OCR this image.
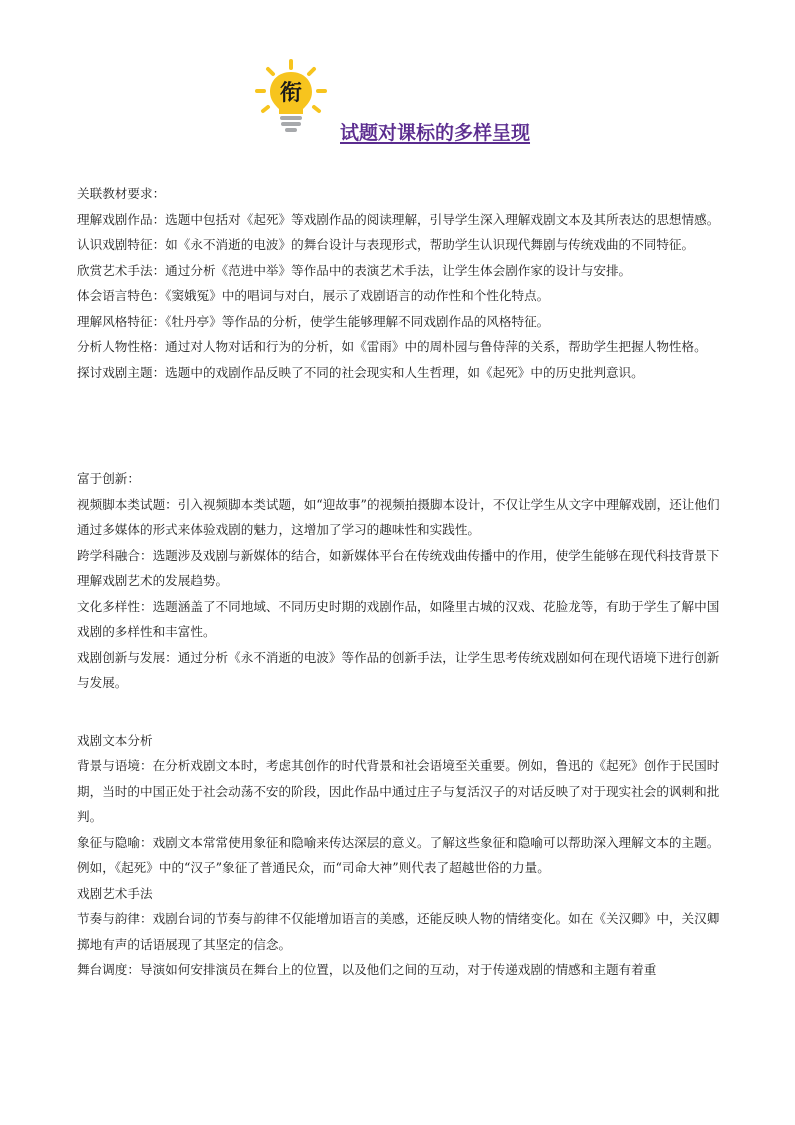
衔
试题对课标的多样呈现

关联教材要求：

理解戏剧作品：选题中包括对《起死》等戏剧作品的阅读理解，引导学生深入理解戏剧文本及其所表达的思想情感。

认识戏剧特征：如《永不消逝的电波》的舞台设计与表现形式，帮助学生认识现代舞剧与传统戏曲的不同特征。

欣赏艺术手法：通过分析《范进中举》等作品中的表演艺术手法，让学生体会剧作家的设计与安排。

体会语言特色：《窦娥冤》中的唱词与对白，展示了戏剧语言的动作性和个性化特点。

理解风格特征：《牡丹亭》等作品的分析，使学生能够理解不同戏剧作品的风格特征。

分析人物性格：通过对人物对话和行为的分析，如《雷雨》中的周朴园与鲁侍萍的关系，帮助学生把握人物性格。

探讨戏剧主题：选题中的戏剧作品反映了不同的社会现实和人生哲理，如《起死》中的历史批判意识。

富于创新：

视频脚本类试题：引入视频脚本类试题，如“迎故事”的视频拍摄脚本设计，不仅让学生从文字中理解戏剧，还让他们通过多媒体的形式来体验戏剧的魅力，这增加了学习的趣味性和实践性。

跨学科融合：选题涉及戏剧与新媒体的结合，如新媒体平台在传统戏曲传播中的作用，使学生能够在现代科技背景下理解戏剧艺术的发展趋势。

文化多样性：选题涵盖了不同地域、不同历史时期的戏剧作品，如隆里古城的汉戏、花脸龙等，有助于学生了解中国戏剧的多样性和丰富性。

戏剧创新与发展：通过分析《永不消逝的电波》等作品的创新手法，让学生思考传统戏剧如何在现代语境下进行创新与发展。

戏剧文本分析

背景与语境：在分析戏剧文本时，考虑其创作的时代背景和社会语境至关重要。例如，鲁迅的《起死》创作于民国时期，当时的中国正处于社会动荡不安的阶段，因此作品中通过庄子与复活汉子的对话反映了对于现实社会的讽刺和批判。

象征与隐喻：戏剧文本常常使用象征和隐喻来传达深层的意义。了解这些象征和隐喻可以帮助深入理解文本的主题。例如，《起死》中的“汉子”象征了普通民众，而“司命大神”则代表了超越世俗的力量。

戏剧艺术手法

节奏与韵律：戏剧台词的节奏与韵律不仅能增加语言的美感，还能反映人物的情绪变化。如在《关汉卿》中，关汉卿掷地有声的话语展现了其坚定的信念。

舞台调度：导演如何安排演员在舞台上的位置，以及他们之间的互动，对于传递戏剧的情感和主题有着重
